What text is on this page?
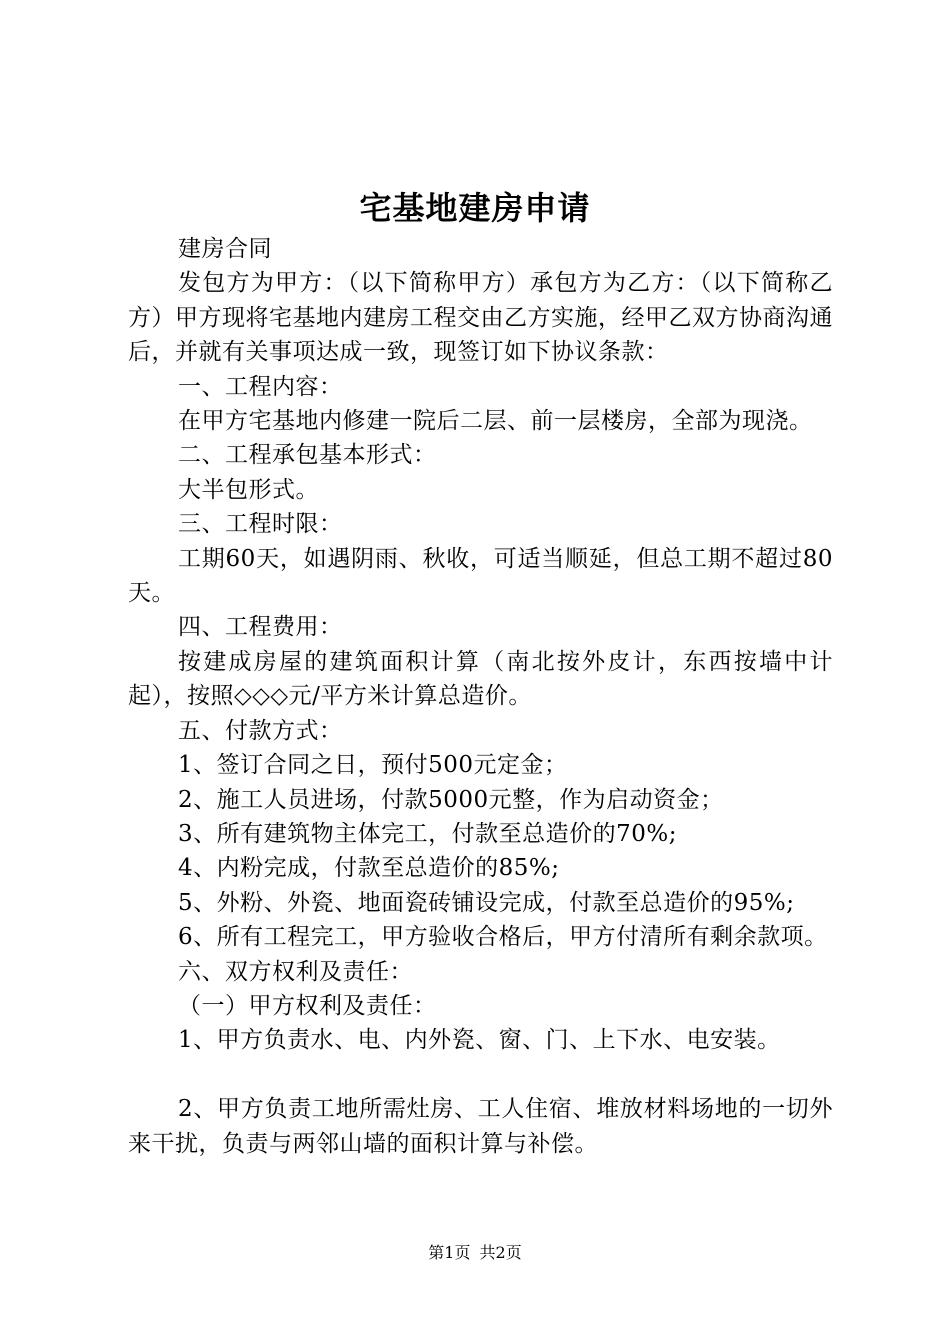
宅基地建房申请

建房合同

发包方为甲方：（以下简称甲方）承包方为乙方：（以下简称乙方）甲方现将宅基地内建房工程交由乙方实施，经甲乙双方协商沟通后，并就有关事项达成一致，现签订如下协议条款：

一、工程内容：

在甲方宅基地内修建一院后二层、前一层楼房，全部为现浇。

二、工程承包基本形式：

大半包形式。

三、工程时限：

工期60天，如遇阴雨、秋收，可适当顺延，但总工期不超过80天。

四、工程费用：

按建成房屋的建筑面积计算（南北按外皮计，东西按墙中计起），按照◇◇◇元/平方米计算总造价。

五、付款方式：

1、签订合同之日，预付500元定金；

2、施工人员进场，付款5000元整，作为启动资金；

3、所有建筑物主体完工，付款至总造价的70%;

4、内粉完成，付款至总造价的85%;

5、外粉、外瓷、地面瓷砖铺设完成，付款至总造价的95%;

6、所有工程完工，甲方验收合格后，甲方付清所有剩余款项。

六、双方权利及责任：

（一）甲方权利及责任：

1、甲方负责水、电、内外瓷、窗、门、上下水、电安装。

2、甲方负责工地所需灶房、工人住宿、堆放材料场地的一切外来干扰，负责与两邻山墙的面积计算与补偿。

第1页 共2页
